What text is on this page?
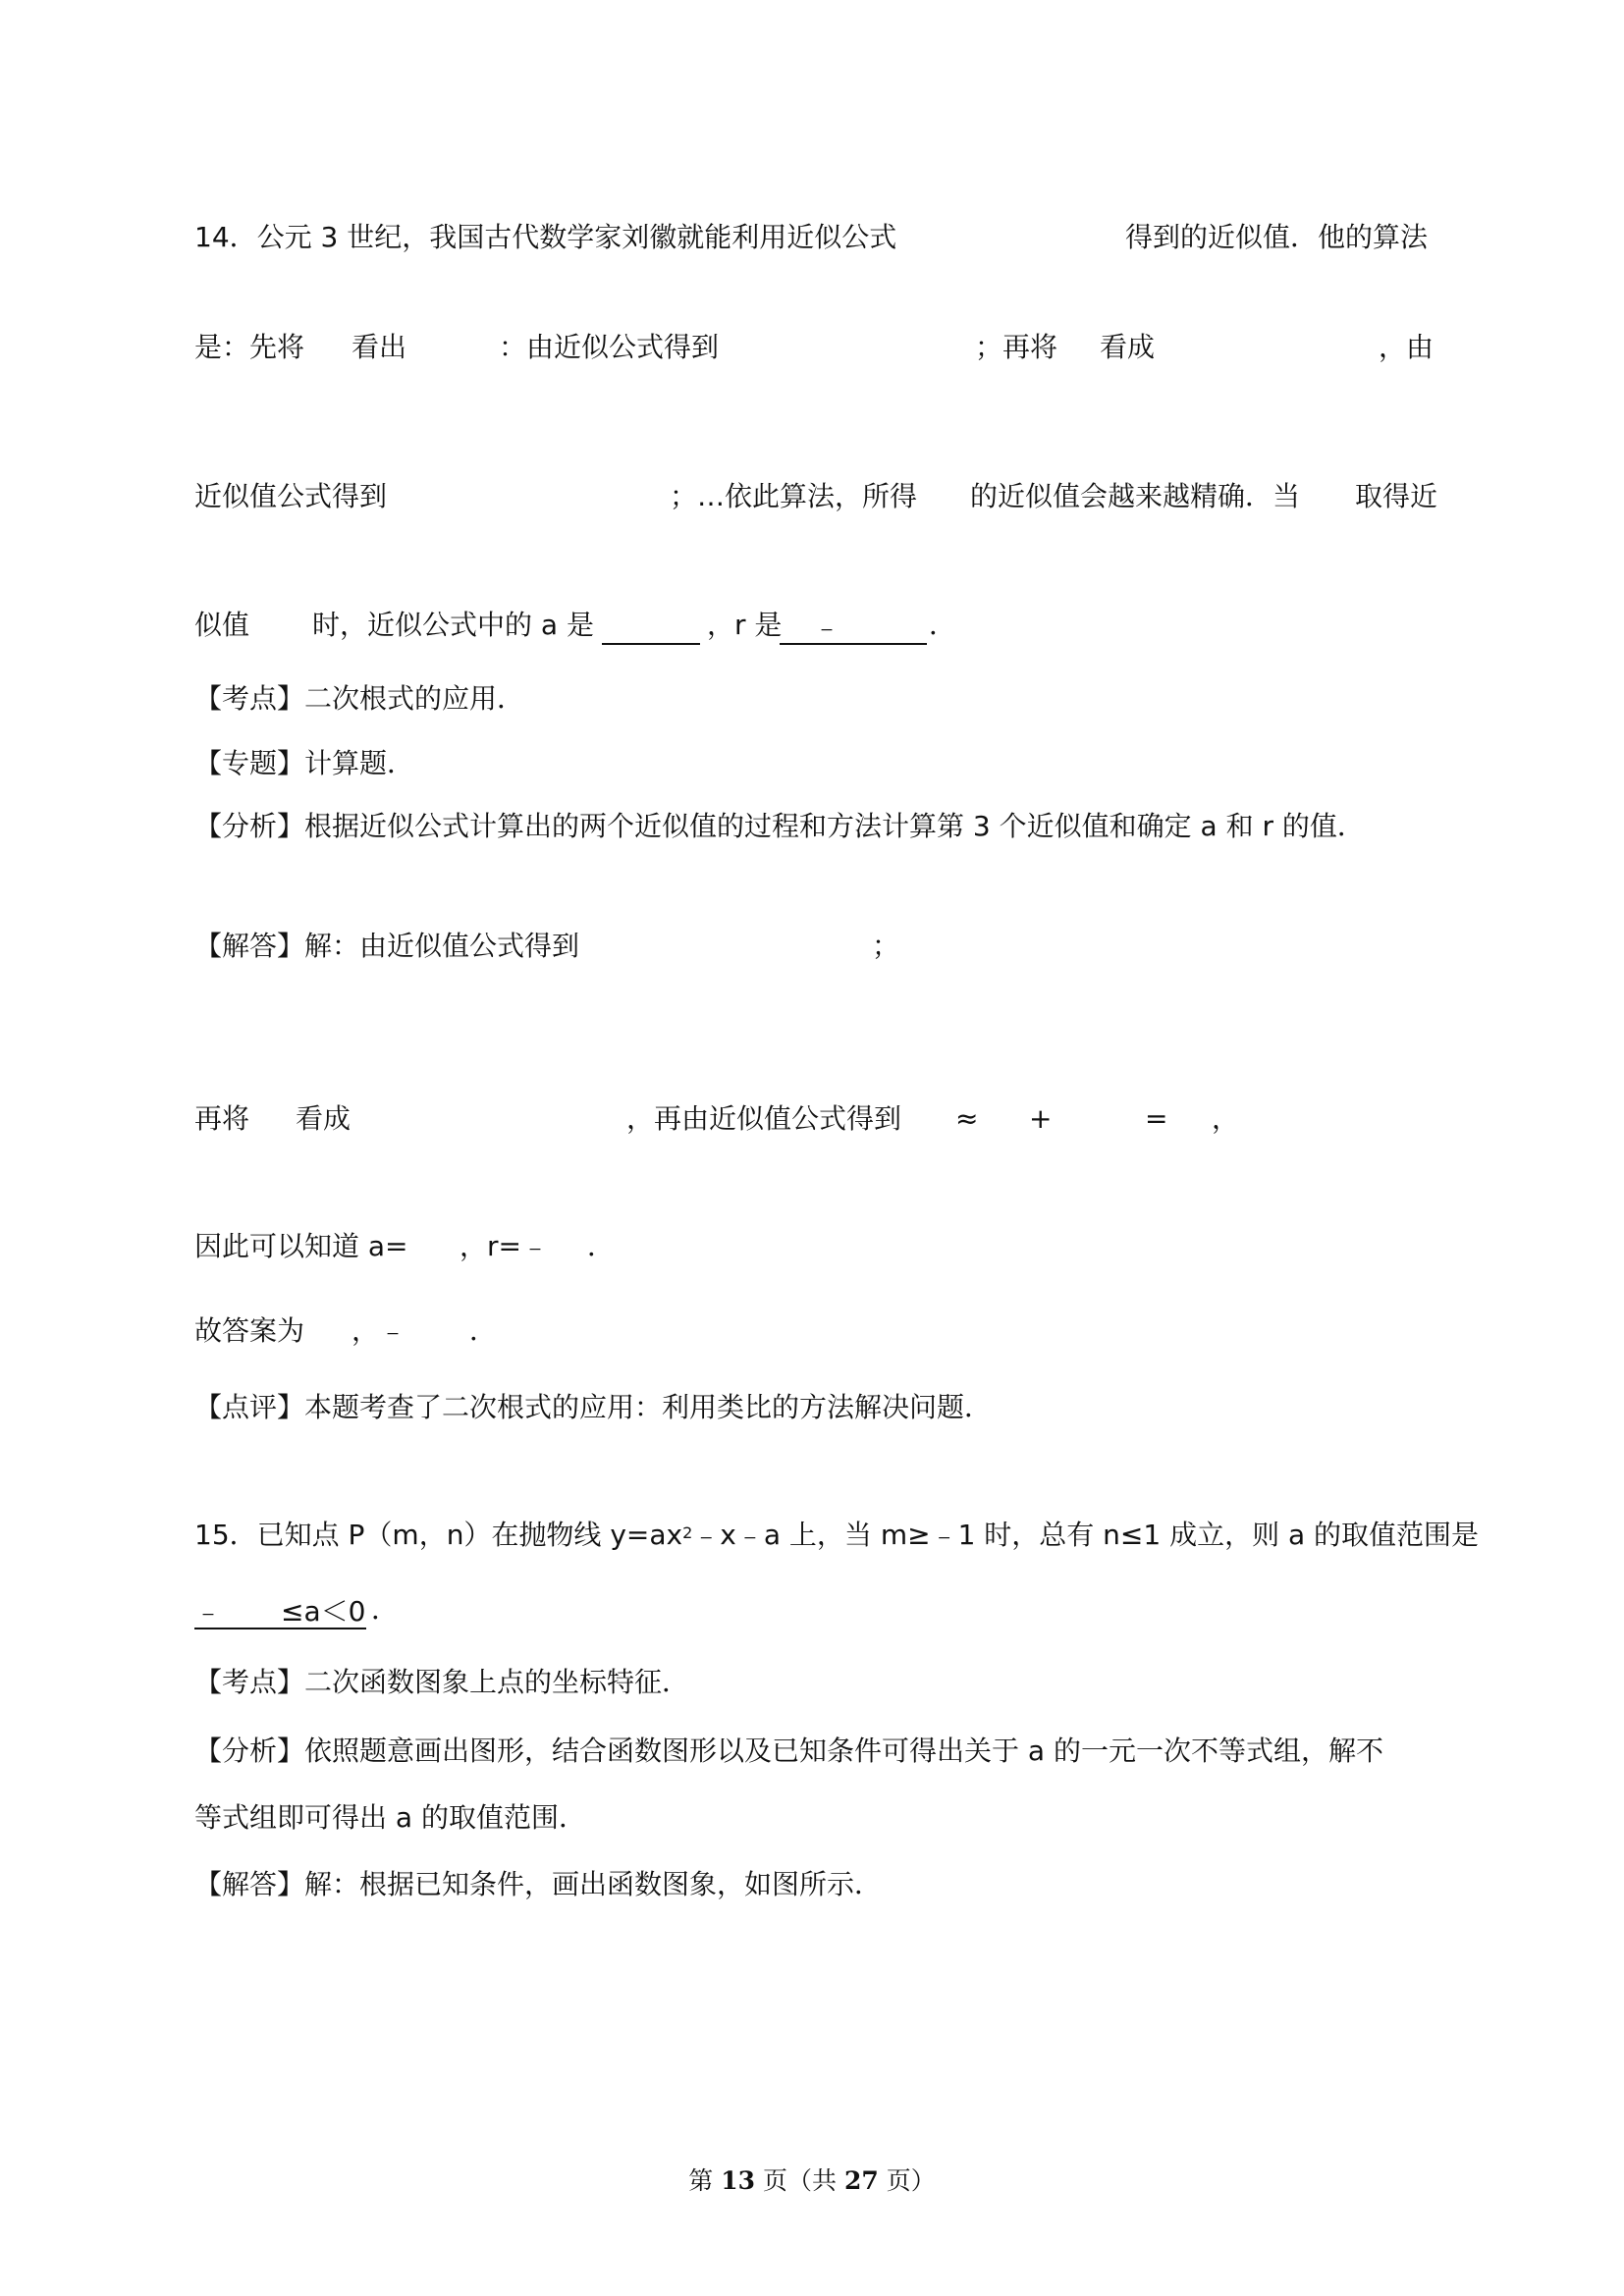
14．公元 3 世纪，我国古代数学家刘徽就能利用近似公式	得到的近似值．他的算法
是：先将 看出	：由近似公式得到	；再将 看成	，由
近似值公式得到	；…依此算法，所得 的近似值会越来越精确．当 取得近
似值 时，近似公式中的 a 是	，r 是	﹣	．
【考点】二次根式的应用．
【专题】计算题．
【分析】根据近似公式计算出的两个近似值的过程和方法计算第 3 个近似值和确定 a 和 r 的值．
【解答】解：由近似值公式得到	；
再将 看成	，再由近似值公式得到 ≈ +	= ，
因此可以知道 a= ，r=﹣ ．
故答案为 ，﹣ ．
【点评】本题考查了二次根式的应用：利用类比的方法解决问题．
15．已知点 P（m，n）在抛物线 $y=ax^2﹣x﹣a$ 上，当 m≥﹣1 时，总有 n≤1 成立，则 a 的取值范围是
﹣ ≤a＜0 ．
【考点】二次函数图象上点的坐标特征．
【分析】依照题意画出图形，结合函数图形以及已知条件可得出关于 a 的一元一次不等式组，解不
等式组即可得出 a 的取值范围．
【解答】解：根据已知条件，画出函数图象，如图所示．
第 13 页（共 27 页）
